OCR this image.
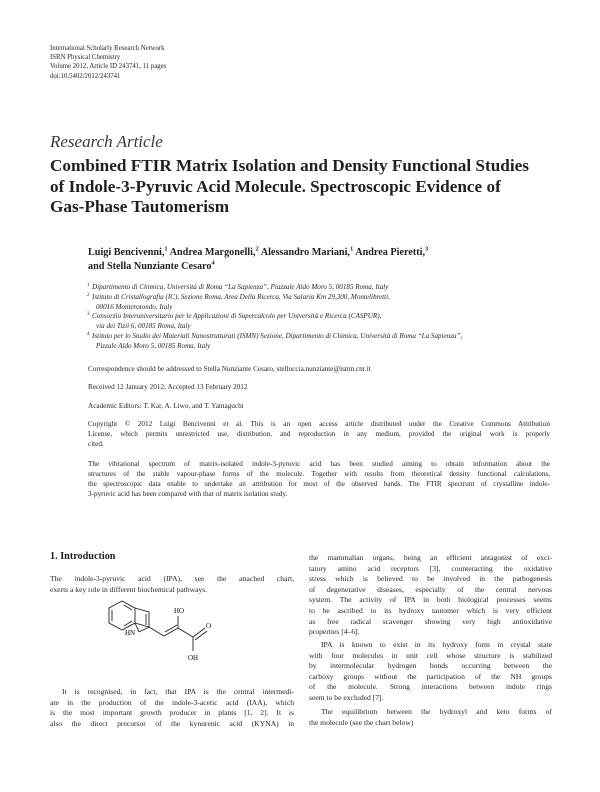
International Scholarly Research Network
ISRN Physical Chemistry
Volume 2012, Article ID 243741, 11 pages
doi:10.5402/2012/243741
Research Article
Combined FTIR Matrix Isolation and Density Functional Studies
of Indole-3-Pyruvic Acid Molecule. Spectroscopic Evidence of
Gas-Phase Tautomerism
Luigi Bencivenni,$^1$ Andrea Margonelli,$^2$ Alessandro Mariani,$^1$ Andrea Pieretti,$^3$
and Stella Nunziante Cesaro$^4$
1 Dipartimento di Chimica, Università di Roma “La Sapienza”, Piazzale Aldo Moro 5, 00185 Roma, Italy
2 Istituto di Cristallografia (IC), Sezione Roma, Area Della Ricerca, Via Salaria Km 29,300, Montelibretti,
00016 Monterotondo, Italy
3 Consorzio Interuniversitario per le Applicazioni di Supercalcolo per Università e Ricerca (CASPUR),
via dei Tizii 6, 00185 Roma, Italy
4 Istituto per lo Studio dei Materiali Nanostrutturati (ISMN) Sezione, Dipartimento di Chimica, Università di Roma “La Sapienza”,
Pizzale Aldo Moro 5, 00185 Roma, Italy
Correspondence should be addressed to Stella Nunziante Cesaro, stelluccia.nunziante@ismn.cnr.it
Received 12 January 2012; Accepted 13 February 2012
Academic Editors: T. Kar, A. Liwo, and T. Yamaguchi
Copyright © 2012 Luigi Bencivenni et al. This is an open access article distributed under the Creative Commons Attribution
License, which permits unrestricted use, distribution, and reproduction in any medium, provided the original work is properly
cited.
The vibrational spectrum of matrix-isolated indole-3-pyruvic acid has been studied aiming to obtain information about the
structures of the stable vapour-phase forms of the molecule. Together with results from theoretical density functional calculations,
the spectroscopic data enable to undertake an attribution for most of the observed bands. The FTIR spectrum of crystalline indole-
3-pyruvic acid has been compared with that of matrix isolation study.
1. Introduction
The indole-3-pyruvic acid (IPA), see the attached chart,
exerts a key role in different biochemical pathways.
HO
O
OH
HN
It is recognised, in fact, that IPA is the central intermedi-
ate in the production of the indole-3-acetic acid (IAA), which
is the most important growth producer in plants [1, 2]. It is
also the direct precursor of the kynurenic acid (KYNA) in
the mammalian organs, being an efficient antagonist of exci-
tatory amino acid receptors [3], counteracting the oxidative
stress which is believed to be involved in the pathogenesis
of degenerative diseases, especially of the central nervous
system. The activity of IPA in both biological processes seems
to be ascribed to its hydroxy tautomer which is very efficient
as free radical scavenger showing very high antioxidative
properties [4–6].
IPA is known to exist in its hydroxy form in crystal state
with four molecules in unit cell whose structure is stabilized
by intermolecular hydrogen bonds occurring between the
carboxy groups without the participation of the NH groups
of the molecule. Strong interactions between indole rings
seem to be excluded [7].
The equilibrium between the hydroxyl and keto forms of
the molecule (see the chart below)
